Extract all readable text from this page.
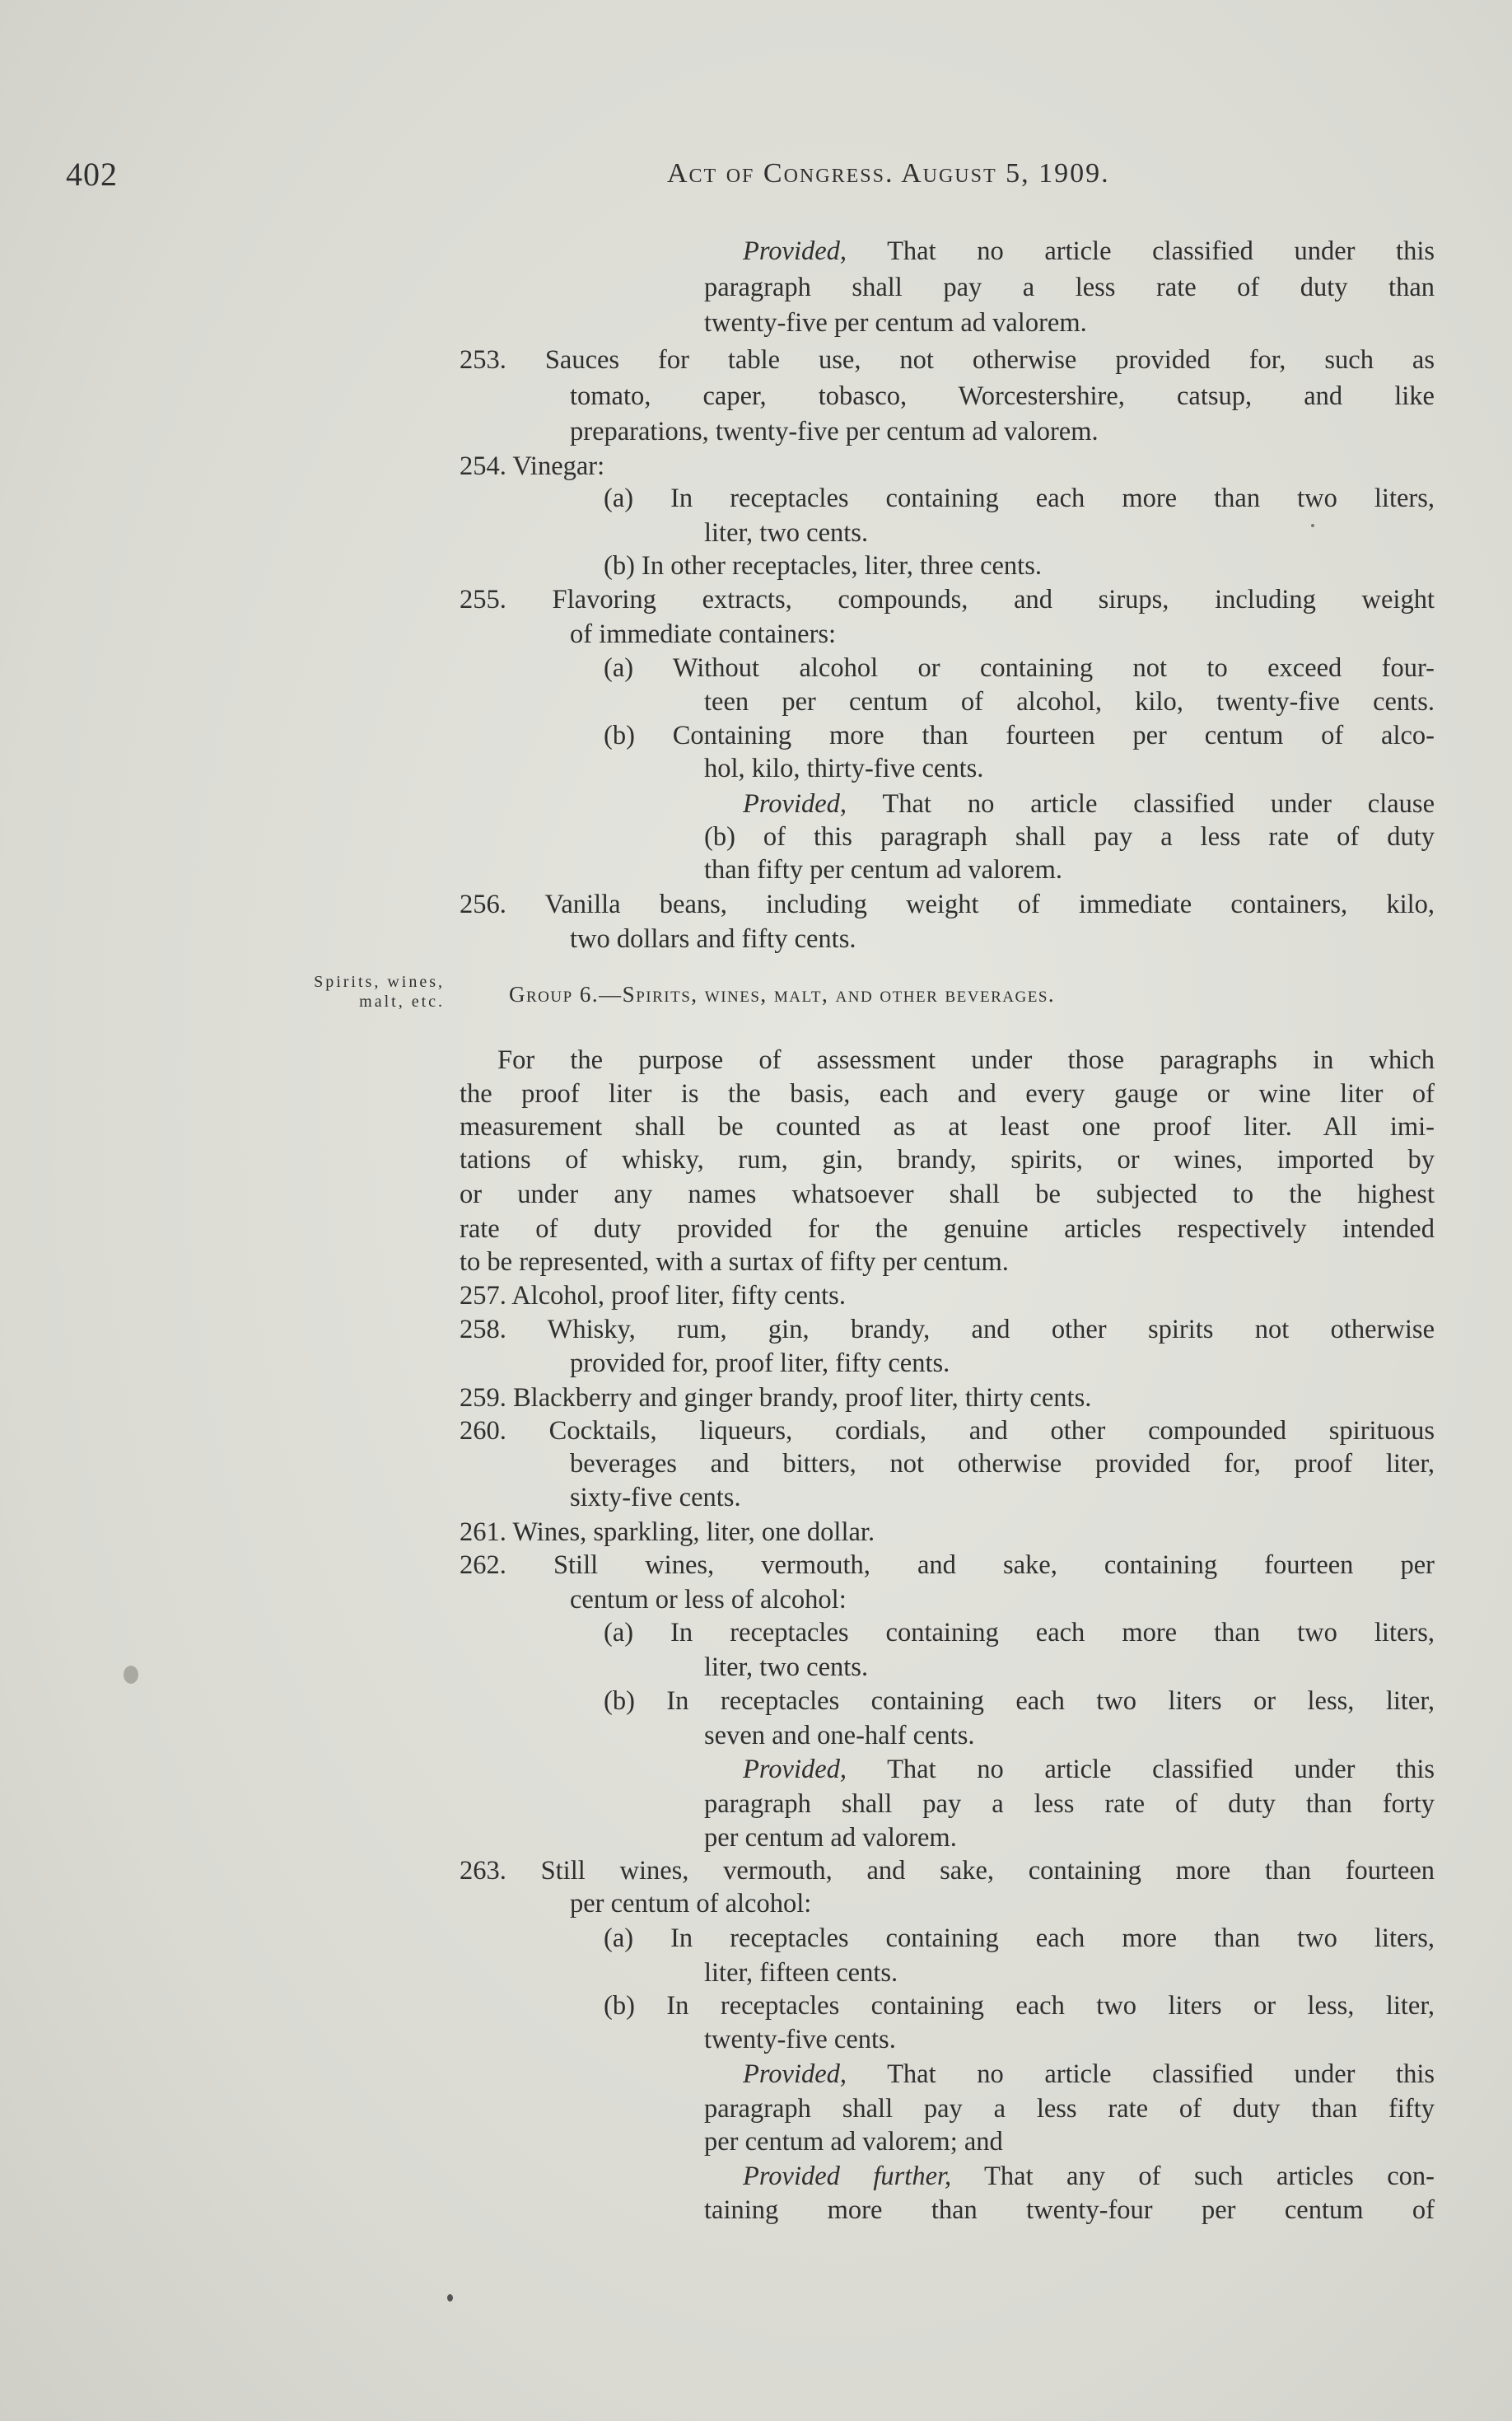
402	Act of Congress. August 5, 1909.
Spirits, wines,
malt, etc.	Group 6.—Spirits, wines, malt, and other beverages.
Provided, That no article classified under this
paragraph shall pay a less rate of duty than
twenty-five per centum ad valorem.
253. Sauces for table use, not otherwise provided for, such as
tomato, caper, tobasco, Worcestershire, catsup, and like
preparations, twenty-five per centum ad valorem.
254. Vinegar:
(a) In receptacles containing each more than two liters,
liter, two cents.
(b) In other receptacles, liter, three cents.
255. Flavoring extracts, compounds, and sirups, including weight
of immediate containers:
(a) Without alcohol or containing not to exceed four-
teen per centum of alcohol, kilo, twenty-five cents.
(b) Containing more than fourteen per centum of alco-
hol, kilo, thirty-five cents.
Provided, That no article classified under clause
(b) of this paragraph shall pay a less rate of duty
than fifty per centum ad valorem.
256. Vanilla beans, including weight of immediate containers, kilo,
two dollars and fifty cents.
For the purpose of assessment under those paragraphs in which
the proof liter is the basis, each and every gauge or wine liter of
measurement shall be counted as at least one proof liter. All imi-
tations of whisky, rum, gin, brandy, spirits, or wines, imported by
or under any names whatsoever shall be subjected to the highest
rate of duty provided for the genuine articles respectively intended
to be represented, with a surtax of fifty per centum.
257. Alcohol, proof liter, fifty cents.
258. Whisky, rum, gin, brandy, and other spirits not otherwise
provided for, proof liter, fifty cents.
259. Blackberry and ginger brandy, proof liter, thirty cents.
260. Cocktails, liqueurs, cordials, and other compounded spirituous
beverages and bitters, not otherwise provided for, proof liter,
sixty-five cents.
261. Wines, sparkling, liter, one dollar.
262. Still wines, vermouth, and sake, containing fourteen per
centum or less of alcohol:
(a) In receptacles containing each more than two liters,
liter, two cents.
(b) In receptacles containing each two liters or less, liter,
seven and one-half cents.
Provided, That no article classified under this
paragraph shall pay a less rate of duty than forty
per centum ad valorem.
263. Still wines, vermouth, and sake, containing more than fourteen
per centum of alcohol:
(a) In receptacles containing each more than two liters,
liter, fifteen cents.
(b) In receptacles containing each two liters or less, liter,
twenty-five cents.
Provided, That no article classified under this
paragraph shall pay a less rate of duty than fifty
per centum ad valorem; and
Provided further, That any of such articles con-
taining more than twenty-four per centum of
